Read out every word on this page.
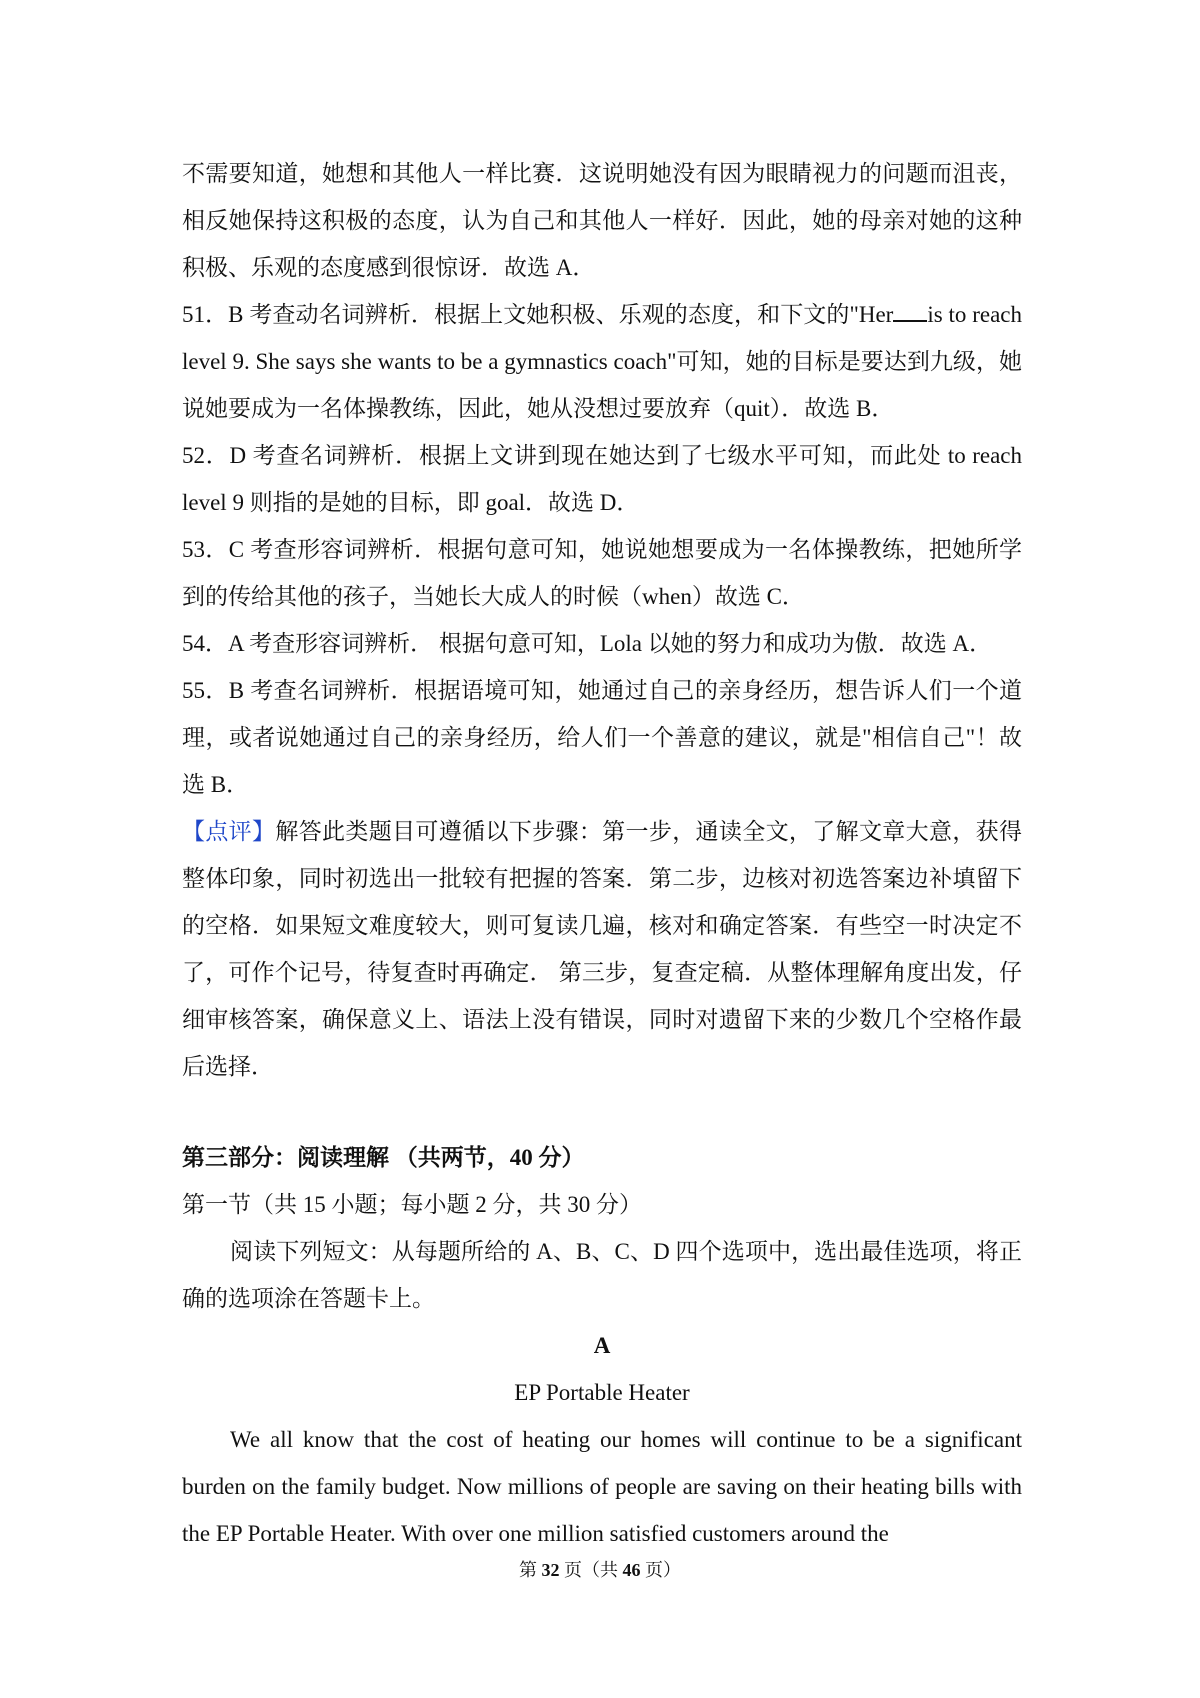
不需要知道，她想和其他人一样比赛．这说明她没有因为眼睛视力的问题而沮丧，相反她保持这积极的态度，认为自己和其他人一样好．因此，她的母亲对她的这种积极、乐观的态度感到很惊讶．故选 A．

51．B 考查动名词辨析．根据上文她积极、乐观的态度，和下文的"Her is to reach level 9. She says she wants to be a gymnastics coach"可知，她的目标是要达到九级，她说她要成为一名体操教练，因此，她从没想过要放弃（quit）．故选 B．

52．D 考查名词辨析．根据上文讲到现在她达到了七级水平可知，而此处 to reach level 9 则指的是她的目标，即 goal．故选 D．

53．C 考查形容词辨析．根据句意可知，她说她想要成为一名体操教练，把她所学到的传给其他的孩子，当她长大成人的时候（when）故选 C．

54．A 考查形容词辨析． 根据句意可知，Lola 以她的努力和成功为傲．故选 A．

55．B 考查名词辨析．根据语境可知，她通过自己的亲身经历，想告诉人们一个道理，或者说她通过自己的亲身经历，给人们一个善意的建议，就是"相信自己"！故选 B．

【点评】解答此类题目可遵循以下步骤：第一步，通读全文，了解文章大意，获得整体印象，同时初选出一批较有把握的答案．第二步，边核对初选答案边补填留下的空格．如果短文难度较大，则可复读几遍，核对和确定答案．有些空一时决定不了，可作个记号，待复查时再确定． 第三步，复查定稿．从整体理解角度出发，仔细审核答案，确保意义上、语法上没有错误，同时对遗留下来的少数几个空格作最后选择．

第三部分：阅读理解 （共两节，40 分）

第一节（共 15 小题；每小题 2 分，共 30 分）

阅读下列短文：从每题所给的 A、B、C、D 四个选项中，选出最佳选项，将正确的选项涂在答题卡上。

A

EP Portable Heater

We all know that the cost of heating our homes will continue to be a significant burden on the family budget. Now millions of people are saving on their heating bills with the EP Portable Heater. With over one million satisfied customers around the

第 32 页（共 46 页）
